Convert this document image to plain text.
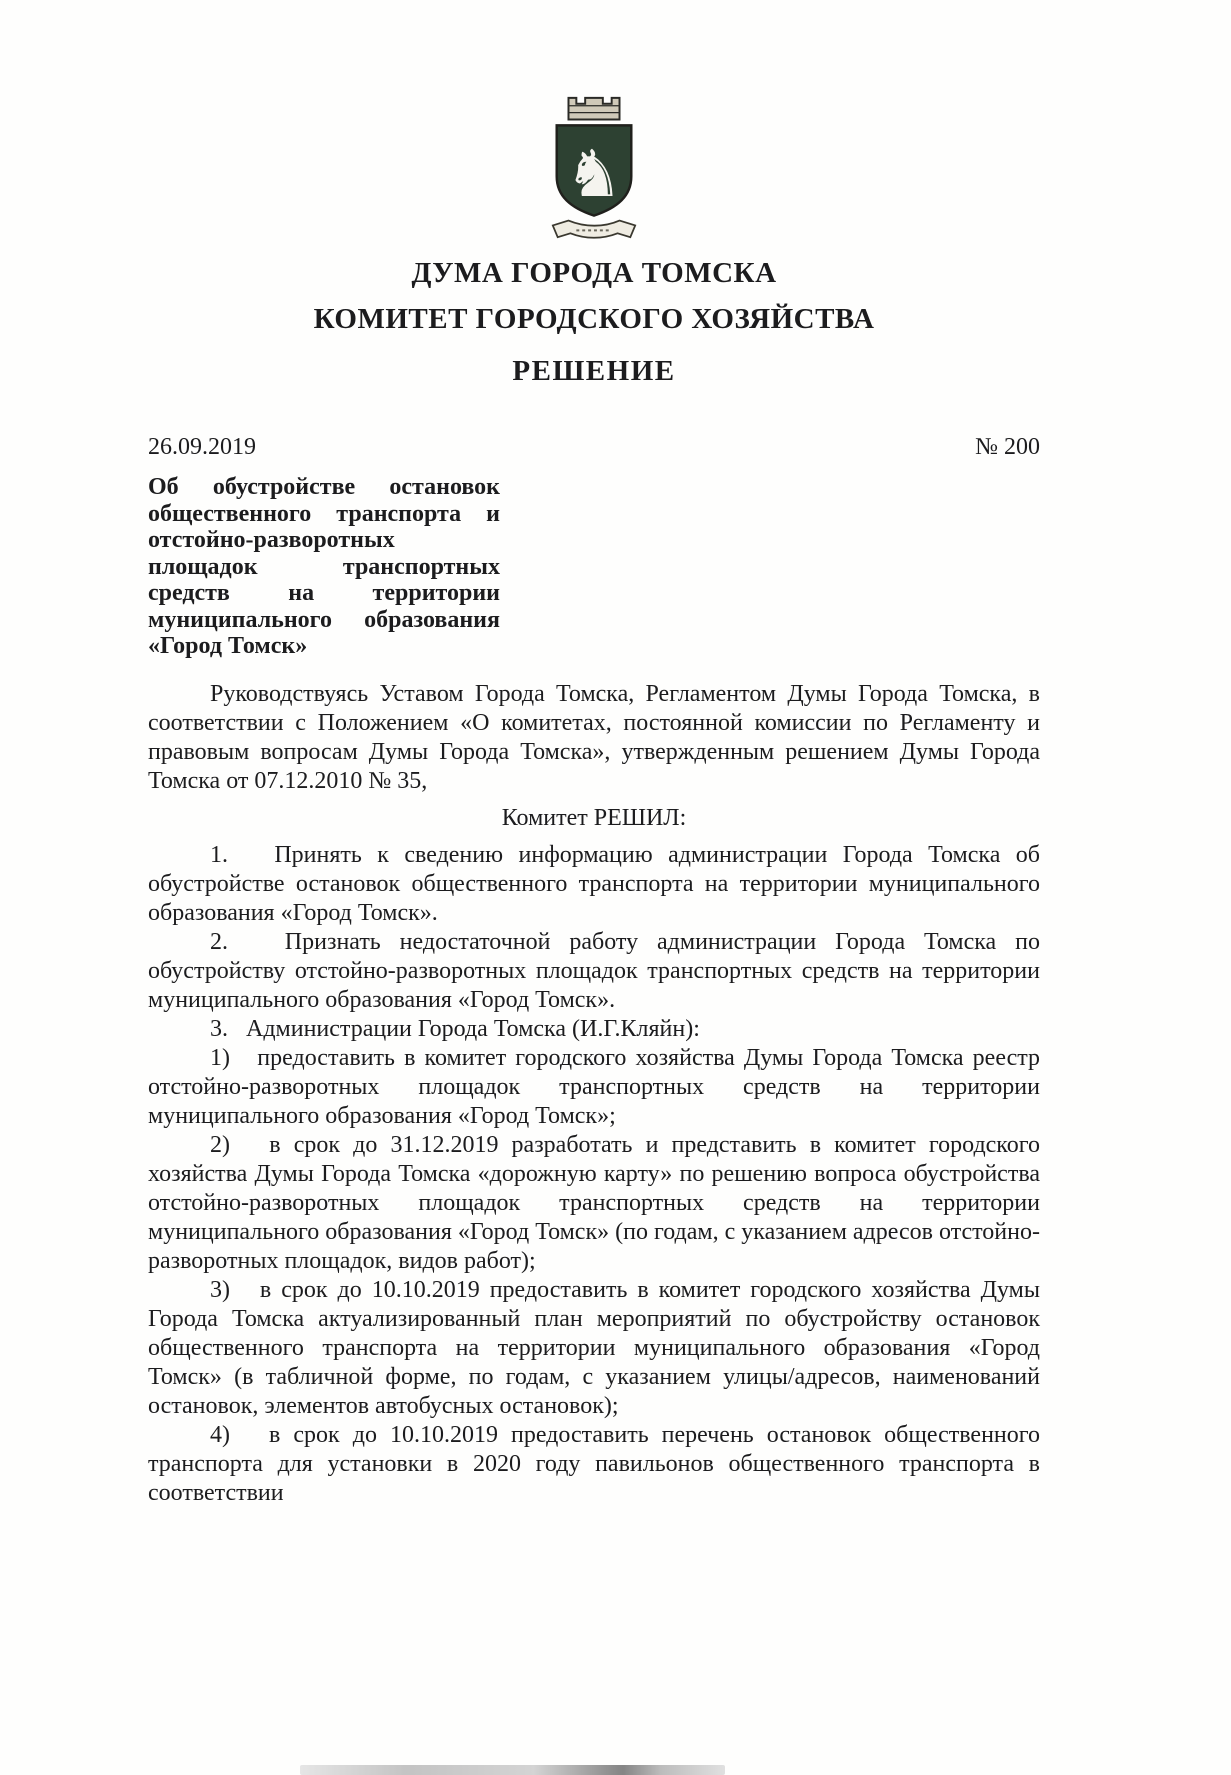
♞
ДУМА ГОРОДА ТОМСКА
КОМИТЕТ ГОРОДСКОГО ХОЗЯЙСТВА
РЕШЕНИЕ
26.09.2019	№ 200
Об обустройстве остановок общественного транспорта и отстойно-разворотных площадок транспортных средств на территории муниципального образования «Город Томск»

Руководствуясь Уставом Города Томска, Регламентом Думы Города Томска, в соответствии с Положением «О комитетах, постоянной комиссии по Регламенту и правовым вопросам Думы Города Томска», утвержденным решением Думы Города Томска от 07.12.2010 № 35,

Комитет РЕШИЛ:

1.   Принять к сведению информацию администрации Города Томска об обустройстве остановок общественного транспорта на территории муниципального образования «Город Томск».

2.   Признать недостаточной работу администрации Города Томска по обустройству отстойно-разворотных площадок транспортных средств на территории муниципального образования «Город Томск».

3.   Администрации Города Томска (И.Г.Кляйн):

1)   предоставить в комитет городского хозяйства Думы Города Томска реестр отстойно-разворотных площадок транспортных средств на территории муниципального образования «Город Томск»;

2)   в срок до 31.12.2019 разработать и представить в комитет городского хозяйства Думы Города Томска «дорожную карту» по решению вопроса обустройства отстойно-разворотных площадок транспортных средств на территории муниципального образования «Город Томск» (по годам, с указанием адресов отстойно-разворотных площадок, видов работ);

3)   в срок до 10.10.2019 предоставить в комитет городского хозяйства Думы Города Томска актуализированный план мероприятий по обустройству остановок общественного транспорта на территории муниципального образования «Город Томск» (в табличной форме, по годам, с указанием улицы/адресов, наименований остановок, элементов автобусных остановок);

4)   в срок до 10.10.2019 предоставить перечень остановок общественного транспорта для установки в 2020 году павильонов общественного транспорта в соответствии
